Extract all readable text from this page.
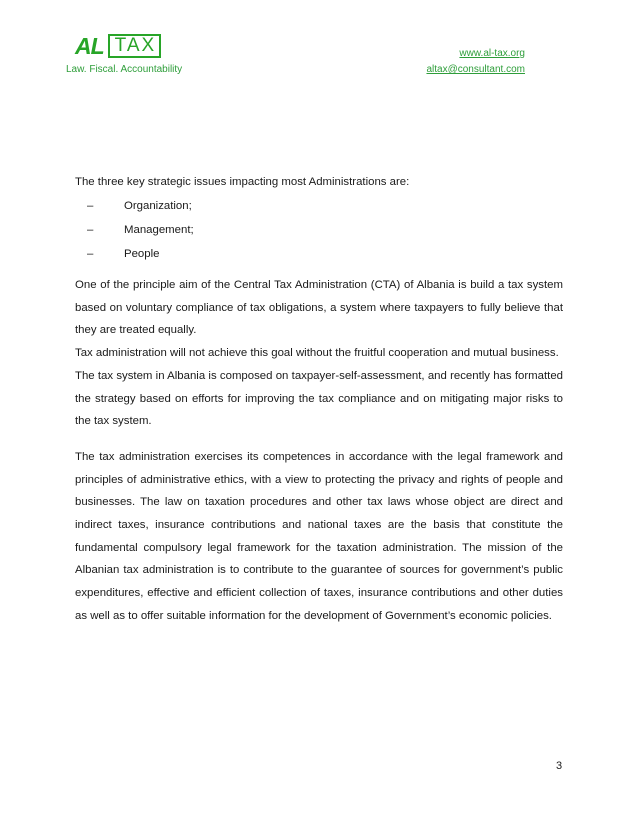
AL TAX
Law. Fiscal. Accountability
www.al-tax.org
altax@consultant.com

The three key strategic issues impacting most Administrations are:

–	Organization;
–	Management;
–	People

One of the principle aim of the Central Tax Administration (CTA) of Albania is build a tax system based on voluntary compliance of tax obligations, a system where taxpayers to fully believe that they are treated equally.

Tax administration will not achieve this goal without the fruitful cooperation and mutual business.

The tax system in Albania is composed on taxpayer-self-assessment, and recently has formatted the strategy based on efforts for improving the tax compliance and on mitigating major risks to the tax system.

The tax administration exercises its competences in accordance with the legal framework and principles of administrative ethics, with a view to protecting the privacy and rights of people and businesses. The law on taxation procedures and other tax laws whose object are direct and indirect taxes, insurance contributions and national taxes are the basis that constitute the fundamental compulsory legal framework for the taxation administration. The mission of the Albanian tax administration is to contribute to the guarantee of sources for government’s public expenditures, effective and efficient collection of taxes, insurance contributions and other duties as well as to offer suitable information for the development of Government’s economic policies.

3
